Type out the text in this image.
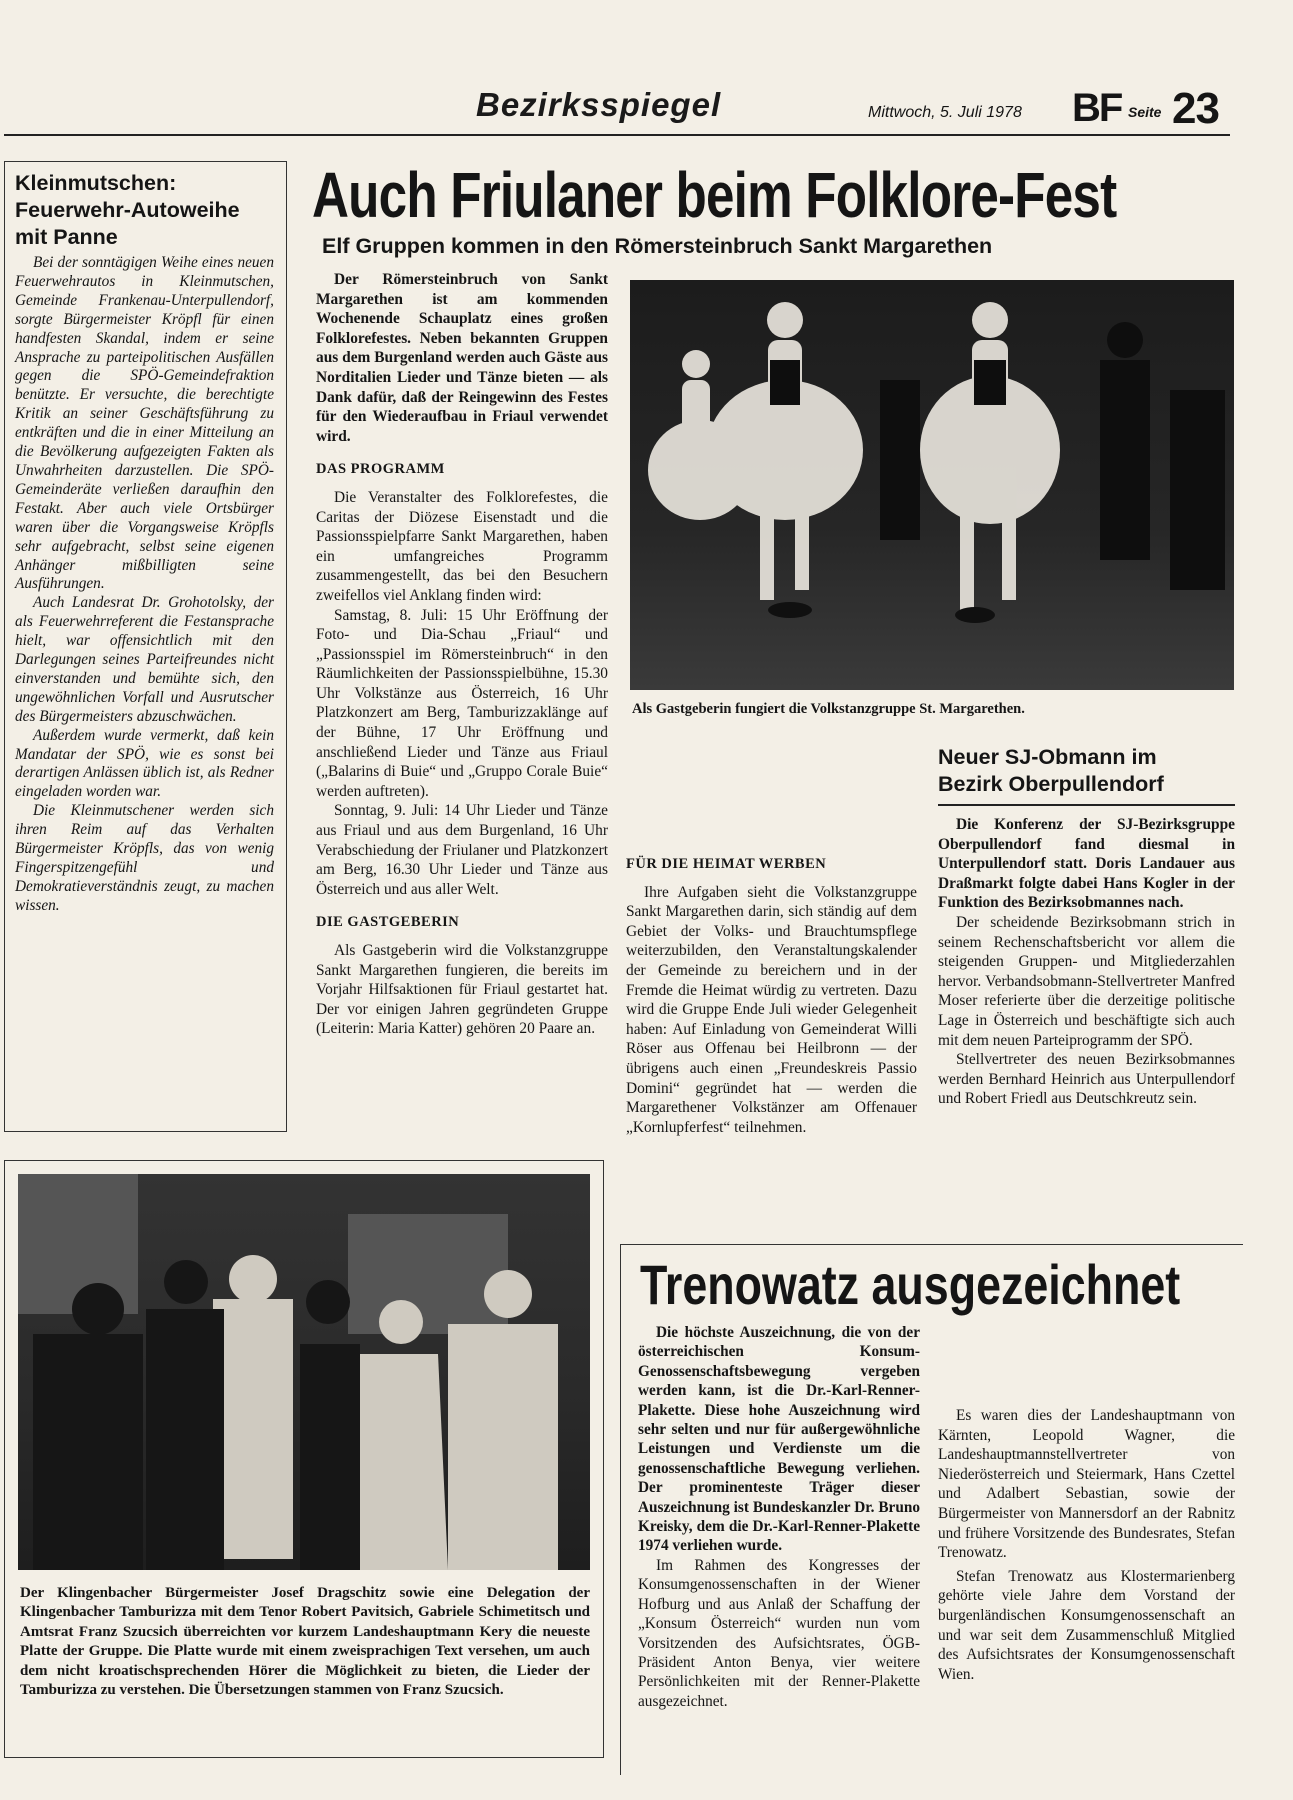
Bezirksspiegel	Mittwoch, 5. Juli 1978 BF Seite 23
Kleinmutschen:
Feuerwehr-Autoweihe
mit Panne

Bei der sonntägigen Weihe eines neuen Feuerwehrautos in Kleinmutschen, Gemeinde Frankenau-Unterpullendorf, sorgte Bürgermeister Kröpfl für einen handfesten Skandal, indem er seine Ansprache zu parteipolitischen Ausfällen gegen die SPÖ-Gemeindefraktion benützte. Er versuchte, die berechtigte Kritik an seiner Geschäftsführung zu entkräften und die in einer Mitteilung an die Bevölkerung aufgezeigten Fakten als Unwahrheiten darzustellen. Die SPÖ-Gemeinderäte verließen daraufhin den Festakt. Aber auch viele Ortsbürger waren über die Vorgangsweise Kröpfls sehr aufgebracht, selbst seine eigenen Anhänger mißbilligten seine Ausführungen.

Auch Landesrat Dr. Grohotolsky, der als Feuerwehrreferent die Festansprache hielt, war offensichtlich mit den Darlegungen seines Parteifreundes nicht einverstanden und bemühte sich, den ungewöhnlichen Vorfall und Ausrutscher des Bürgermeisters abzuschwächen.

Außerdem wurde vermerkt, daß kein Mandatar der SPÖ, wie es sonst bei derartigen Anlässen üblich ist, als Redner eingeladen worden war.

Die Kleinmutschener werden sich ihren Reim auf das Verhalten Bürgermeister Kröpfls, das von wenig Fingerspitzengefühl und Demokratieverständnis zeugt, zu machen wissen.

Auch Friulaner beim Folklore-Fest
Elf Gruppen kommen in den Römersteinbruch Sankt Margarethen

Der Römersteinbruch von Sankt Margarethen ist am kommenden Wochenende Schauplatz eines großen Folklorefestes. Neben bekannten Gruppen aus dem Burgenland werden auch Gäste aus Norditalien Lieder und Tänze bieten — als Dank dafür, daß der Reingewinn des Festes für den Wiederaufbau in Friaul verwendet wird.

DAS PROGRAMM

Die Veranstalter des Folklorefestes, die Caritas der Diözese Eisenstadt und die Passionsspielpfarre Sankt Margarethen, haben ein umfangreiches Programm zusammengestellt, das bei den Besuchern zweifellos viel Anklang finden wird:

Samstag, 8. Juli: 15 Uhr Eröffnung der Foto- und Dia-Schau „Friaul“ und „Passionsspiel im Römersteinbruch“ in den Räumlichkeiten der Passionsspielbühne, 15.30 Uhr Volkstänze aus Österreich, 16 Uhr Platzkonzert am Berg, Tamburizzaklänge auf der Bühne, 17 Uhr Eröffnung und anschließend Lieder und Tänze aus Friaul („Balarins di Buie“ und „Gruppo Corale Buie“ werden auftreten).

Sonntag, 9. Juli: 14 Uhr Lieder und Tänze aus Friaul und aus dem Burgenland, 16 Uhr Verabschiedung der Friulaner und Platzkonzert am Berg, 16.30 Uhr Lieder und Tänze aus Österreich und aus aller Welt.

DIE GASTGEBERIN

Als Gastgeberin wird die Volkstanzgruppe Sankt Margarethen fungieren, die bereits im Vorjahr Hilfsaktionen für Friaul gestartet hat. Der vor einigen Jahren gegründeten Gruppe (Leiterin: Maria Katter) gehören 20 Paare an.

Als Gastgeberin fungiert die Volkstanzgruppe St. Margarethen.
FÜR DIE HEIMAT WERBEN

Ihre Aufgaben sieht die Volkstanzgruppe Sankt Margarethen darin, sich ständig auf dem Gebiet der Volks- und Brauchtumspflege weiterzubilden, den Veranstaltungskalender der Gemeinde zu bereichern und in der Fremde die Heimat würdig zu vertreten. Dazu wird die Gruppe Ende Juli wieder Gelegenheit haben: Auf Einladung von Gemeinderat Willi Röser aus Offenau bei Heilbronn — der übrigens auch einen „Freundeskreis Passio Domini“ gegründet hat — werden die Margarethener Volkstänzer am Offenauer „Kornlupferfest“ teilnehmen.

Neuer SJ-Obmann im
Bezirk Oberpullendorf

Die Konferenz der SJ-Bezirksgruppe Oberpullendorf fand diesmal in Unterpullendorf statt. Doris Landauer aus Draßmarkt folgte dabei Hans Kogler in der Funktion des Bezirksobmannes nach.

Der scheidende Bezirksobmann strich in seinem Rechenschaftsbericht vor allem die steigenden Gruppen- und Mitgliederzahlen hervor. Verbandsobmann-Stellvertreter Manfred Moser referierte über die derzeitige politische Lage in Österreich und beschäftigte sich auch mit dem neuen Parteiprogramm der SPÖ.

Stellvertreter des neuen Bezirksobmannes werden Bernhard Heinrich aus Unterpullendorf und Robert Friedl aus Deutschkreutz sein.

Der Klingenbacher Bürgermeister Josef Dragschitz sowie eine Delegation der Klingenbacher Tamburizza mit dem Tenor Robert Pavitsich, Gabriele Schimetitsch und Amtsrat Franz Szucsich überreichten vor kurzem Landeshauptmann Kery die neueste Platte der Gruppe. Die Platte wurde mit einem zweisprachigen Text versehen, um auch dem nicht kroatischsprechenden Hörer die Möglichkeit zu bieten, die Lieder der Tamburizza zu verstehen. Die Übersetzungen stammen von Franz Szucsich.
Trenowatz ausgezeichnet

Die höchste Auszeichnung, die von der österreichischen Konsum-Genossenschaftsbewegung vergeben werden kann, ist die Dr.-Karl-Renner-Plakette. Diese hohe Auszeichnung wird sehr selten und nur für außergewöhnliche Leistungen und Verdienste um die genossenschaftliche Bewegung verliehen. Der prominenteste Träger dieser Auszeichnung ist Bundeskanzler Dr. Bruno Kreisky, dem die Dr.-Karl-Renner-Plakette 1974 verliehen wurde.

Im Rahmen des Kongresses der Konsumgenossenschaften in der Wiener Hofburg und aus Anlaß der Schaffung der „Konsum Österreich“ wurden nun vom Vorsitzenden des Aufsichtsrates, ÖGB-Präsident Anton Benya, vier weitere Persönlichkeiten mit der Renner-Plakette ausgezeichnet.

Es waren dies der Landeshauptmann von Kärnten, Leopold Wagner, die Landeshauptmannstellvertreter von Niederösterreich und Steiermark, Hans Czettel und Adalbert Sebastian, sowie der Bürgermeister von Mannersdorf an der Rabnitz und frühere Vorsitzende des Bundesrates, Stefan Trenowatz.

Stefan Trenowatz aus Klostermarienberg gehörte viele Jahre dem Vorstand der burgenländischen Konsumgenossenschaft an und war seit dem Zusammenschluß Mitglied des Aufsichtsrates der Konsumgenossenschaft Wien.
